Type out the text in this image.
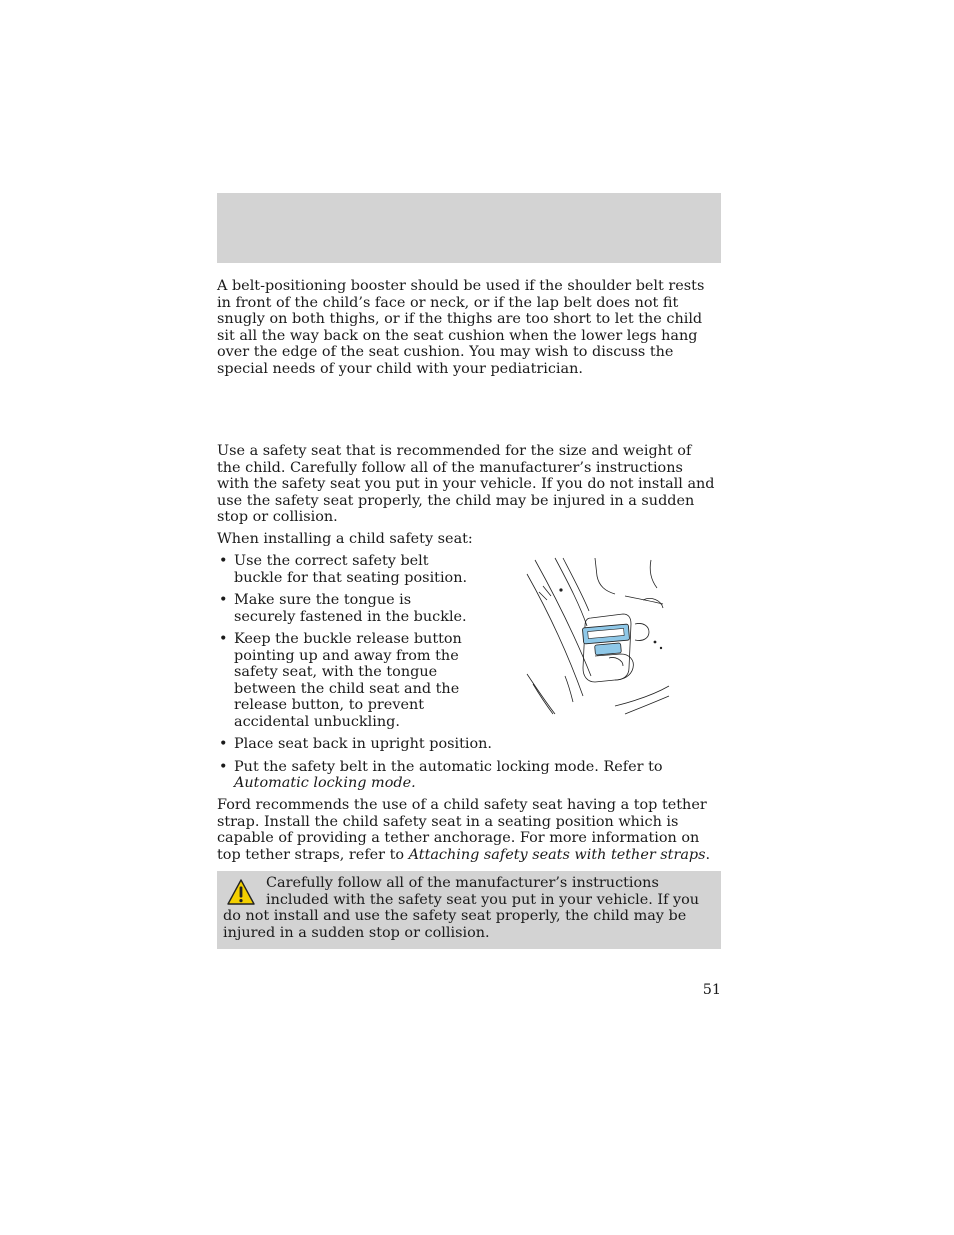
A belt-positioning booster should be used if the shoulder belt rests in front of the child’s face or neck, or if the lap belt does not fit snugly on both thighs, or if the thighs are too short to let the child sit all the way back on the seat cushion when the lower legs hang over the edge of the seat cushion. You may wish to discuss the special needs of your child with your pediatrician.

Use a safety seat that is recommended for the size and weight of the child. Carefully follow all of the manufacturer’s instructions with the safety seat you put in your vehicle. If you do not install and use the safety seat properly, the child may be injured in a sudden stop or collision.

When installing a child safety seat:

• Use the correct safety belt buckle for that seating position.
• Make sure the tongue is securely fastened in the buckle.
• Keep the buckle release button pointing up and away from the safety seat, with the tongue between the child seat and the release button, to prevent accidental unbuckling.
• Place seat back in upright position.
• Put the safety belt in the automatic locking mode. Refer to Automatic locking mode.

Ford recommends the use of a child safety seat having a top tether strap. Install the child safety seat in a seating position which is capable of providing a tether anchorage. For more information on top tether straps, refer to Attaching safety seats with tether straps.

Carefully follow all of the manufacturer’s instructions included with the safety seat you put in your vehicle. If you do not install and use the safety seat properly, the child may be injured in a sudden stop or collision.

51
